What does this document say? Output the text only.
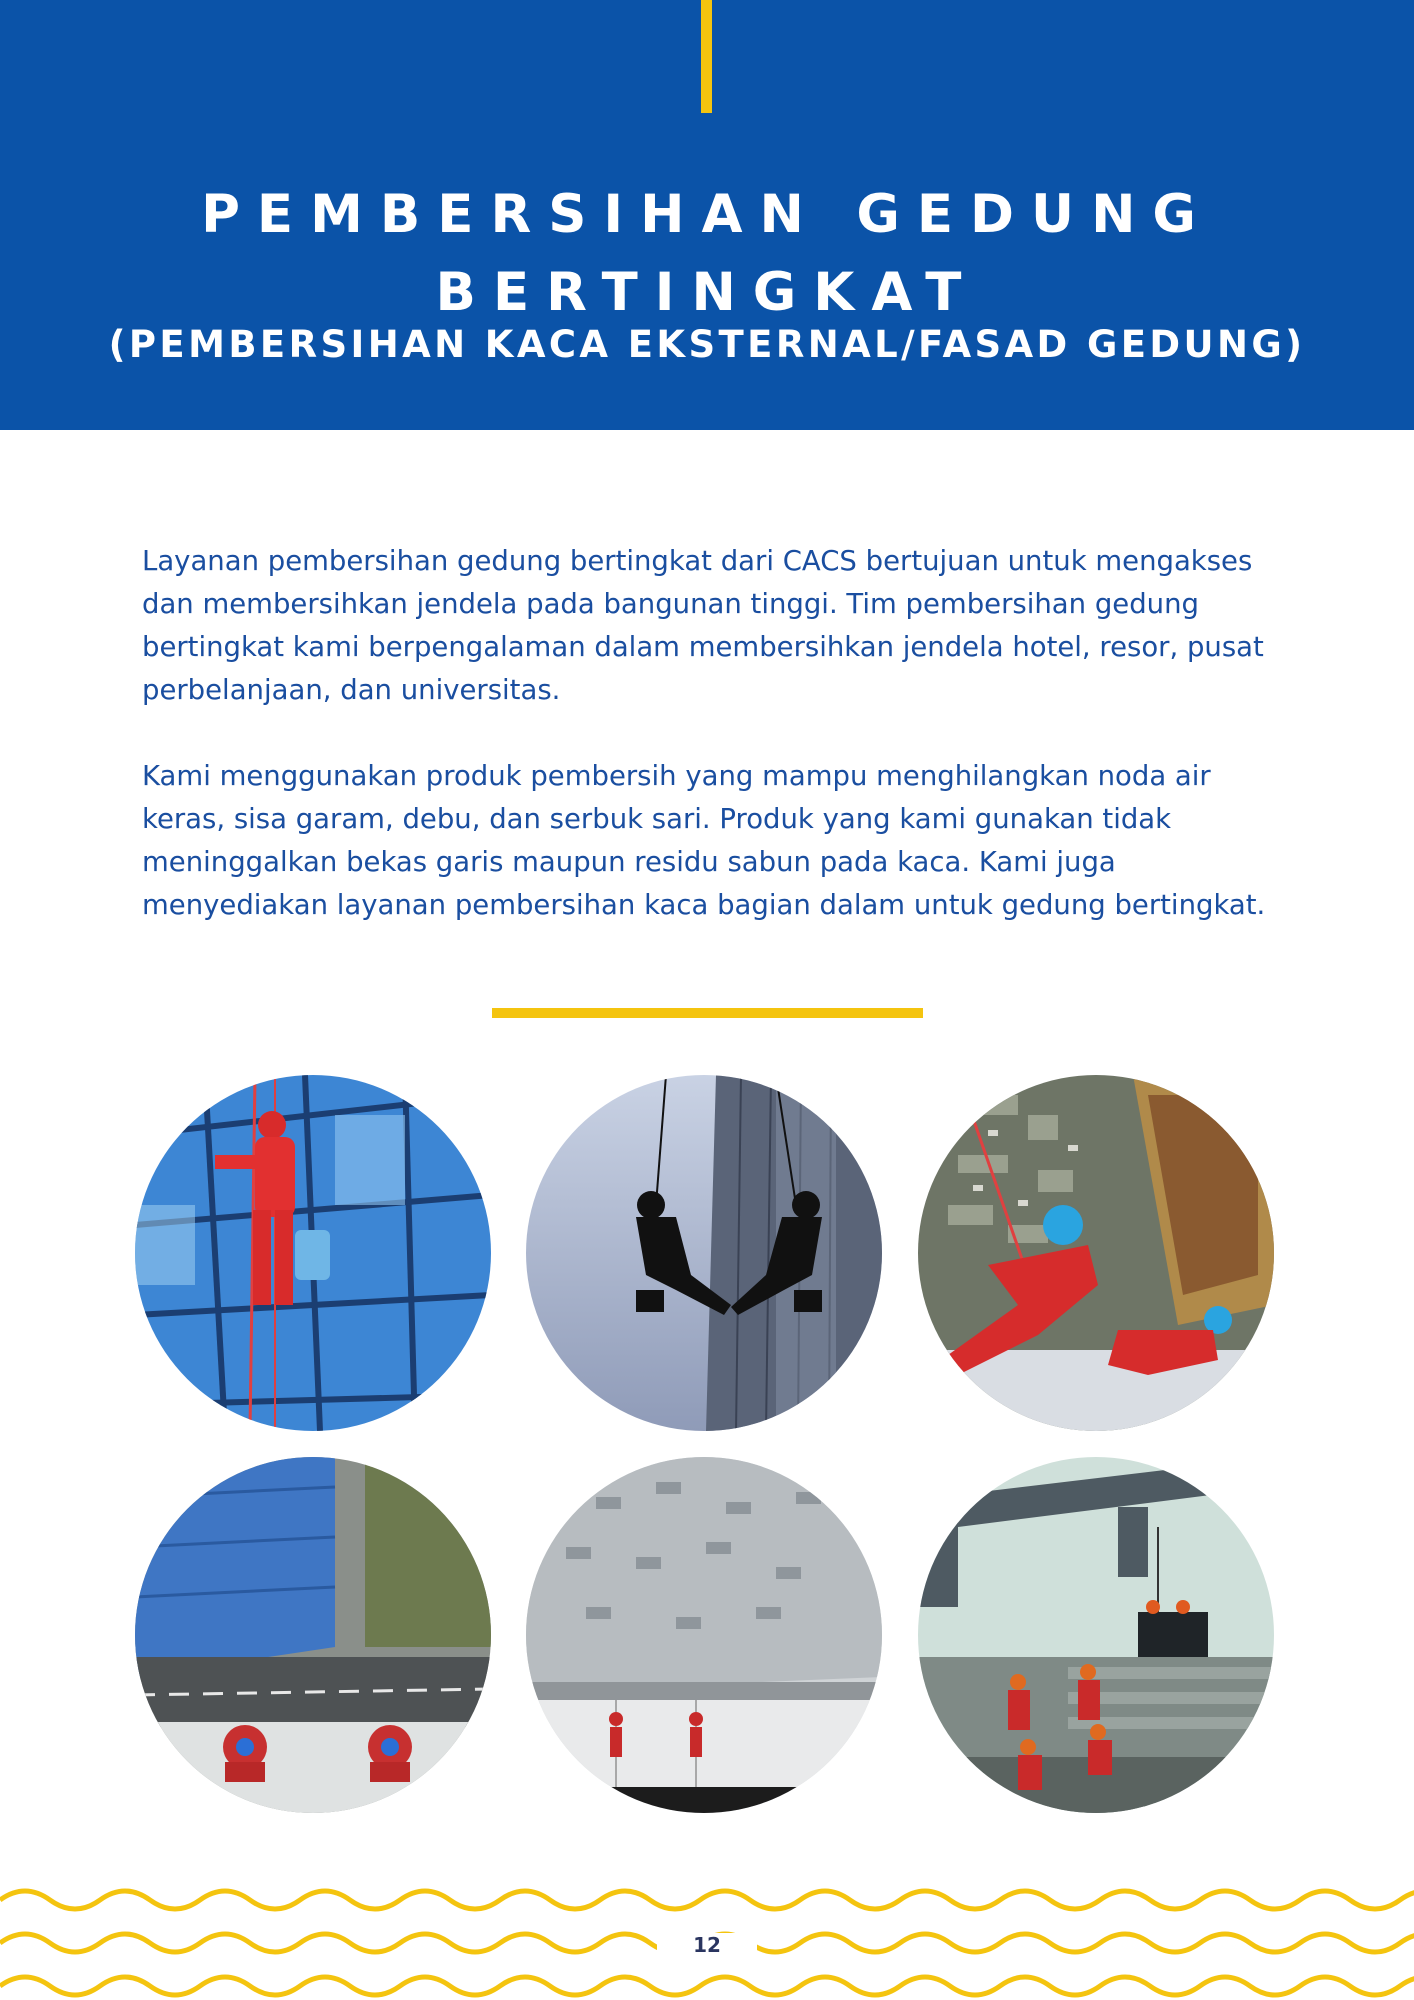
PEMBERSIHAN GEDUNG
BERTINGKAT
(PEMBERSIHAN KACA EKSTERNAL/FASAD GEDUNG)

Layanan pembersihan gedung bertingkat dari CACS bertujuan untuk mengakses dan membersihkan jendela pada bangunan tinggi. Tim pembersihan gedung bertingkat kami berpengalaman dalam membersihkan jendela hotel, resor, pusat perbelanjaan, dan universitas.

Kami menggunakan produk pembersih yang mampu menghilangkan noda air keras, sisa garam, debu, dan serbuk sari. Produk yang kami gunakan tidak meninggalkan bekas garis maupun residu sabun pada kaca. Kami juga menyediakan layanan pembersihan kaca bagian dalam untuk gedung bertingkat.

12
